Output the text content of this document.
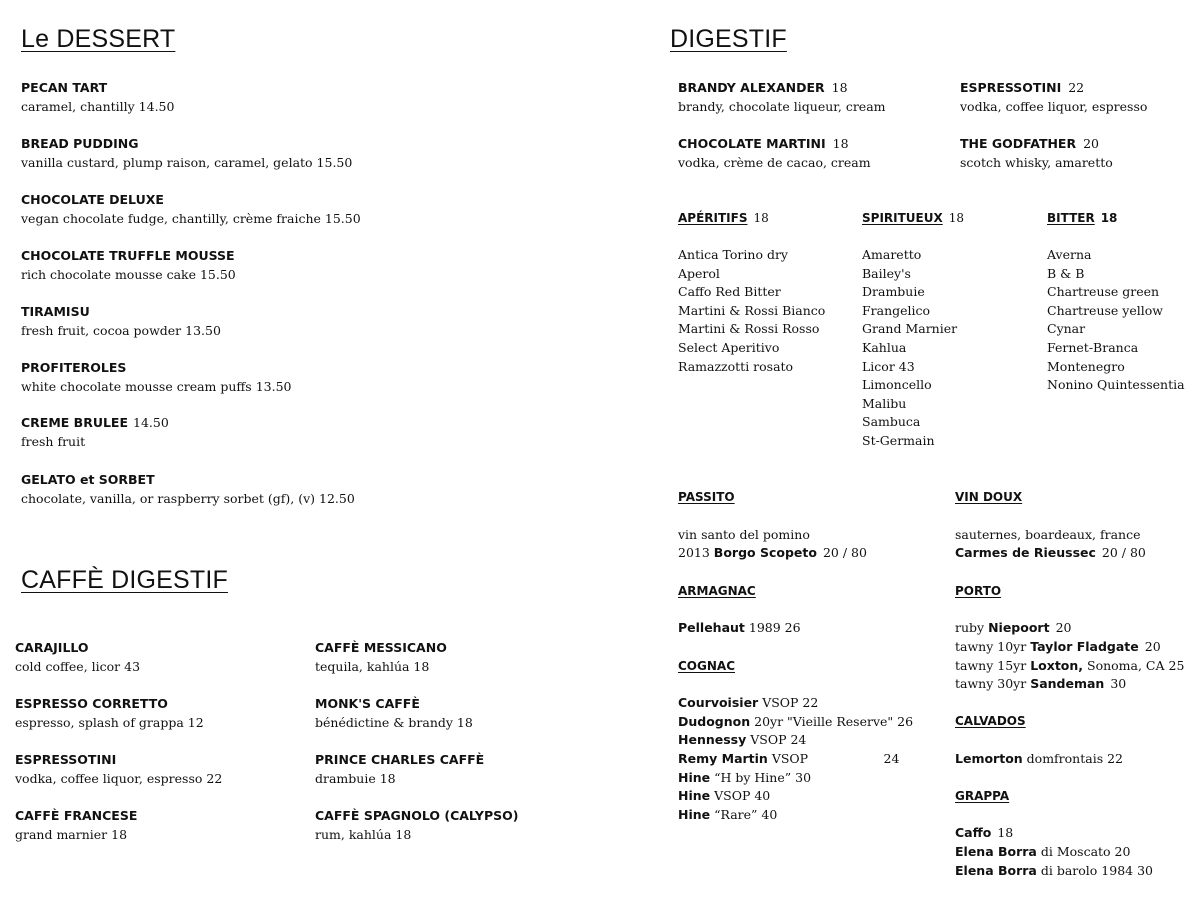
Le DESSERT
PECAN TART
caramel, chantilly 14.50
BREAD PUDDING
vanilla custard, plump raison, caramel, gelato 15.50
CHOCOLATE DELUXE
vegan chocolate fudge, chantilly, crème fraiche 15.50
CHOCOLATE TRUFFLE MOUSSE
rich chocolate mousse cake 15.50
TIRAMISU
fresh fruit, cocoa powder 13.50
PROFITEROLES
white chocolate mousse cream puffs 13.50
CREME BRULEE 14.50
fresh fruit
GELATO et SORBET
chocolate, vanilla, or raspberry sorbet (gf), (v) 12.50
CAFFÈ DIGESTIF
CARAJILLO
cold coffee, licor 43
ESPRESSO CORRETTO
espresso, splash of grappa 12
ESPRESSOTINI
vodka, coffee liquor, espresso 22
CAFFÈ FRANCESE
grand marnier 18
CAFFÈ MESSICANO
tequila, kahlúa 18
MONK'S CAFFÈ
bénédictine & brandy 18
PRINCE CHARLES CAFFÈ
drambuie 18
CAFFÈ SPAGNOLO (CALYPSO)
rum, kahlúa 18
DIGESTIF
BRANDY ALEXANDER 18
brandy, chocolate liqueur, cream
ESPRESSOTINI 22
vodka, coffee liquor, espresso
CHOCOLATE MARTINI 18
vodka, crème de cacao, cream
THE GODFATHER 20
scotch whisky, amaretto
APÉRITIFS 18	SPIRITUEUX 18	BITTER 18
Antica Torino dry
Aperol
Caffo Red Bitter
Martini & Rossi Bianco
Martini & Rossi Rosso
Select Aperitivo
Ramazzotti rosato
Amaretto
Bailey's
Drambuie
Frangelico
Grand Marnier
Kahlua
Licor 43
Limoncello
Malibu
Sambuca
St-Germain
Averna
B & B
Chartreuse green
Chartreuse yellow
Cynar
Fernet-Branca
Montenegro
Nonino Quintessentia
PASSITO
vin santo del pomino
2013 Borgo Scopeto 20 / 80
VIN DOUX
sauternes, boardeaux, france
Carmes de Rieussec 20 / 80
ARMAGNAC
Pellehaut 1989 26
PORTO
ruby Niepoort 20
tawny 10yr Taylor Fladgate 20
tawny 15yr Loxton, Sonoma, CA 25
tawny 30yr Sandeman 30
COGNAC
Courvoisier VSOP 22
Dudognon 20yr "Vieille Reserve" 26
Hennessy VSOP 24
Remy Martin VSOP                   24
Hine “H by Hine” 30
Hine VSOP 40
Hine “Rare” 40
CALVADOS
Lemorton domfrontais 22
GRAPPA
Caffo 18
Elena Borra di Moscato 20
Elena Borra di barolo 1984 30
